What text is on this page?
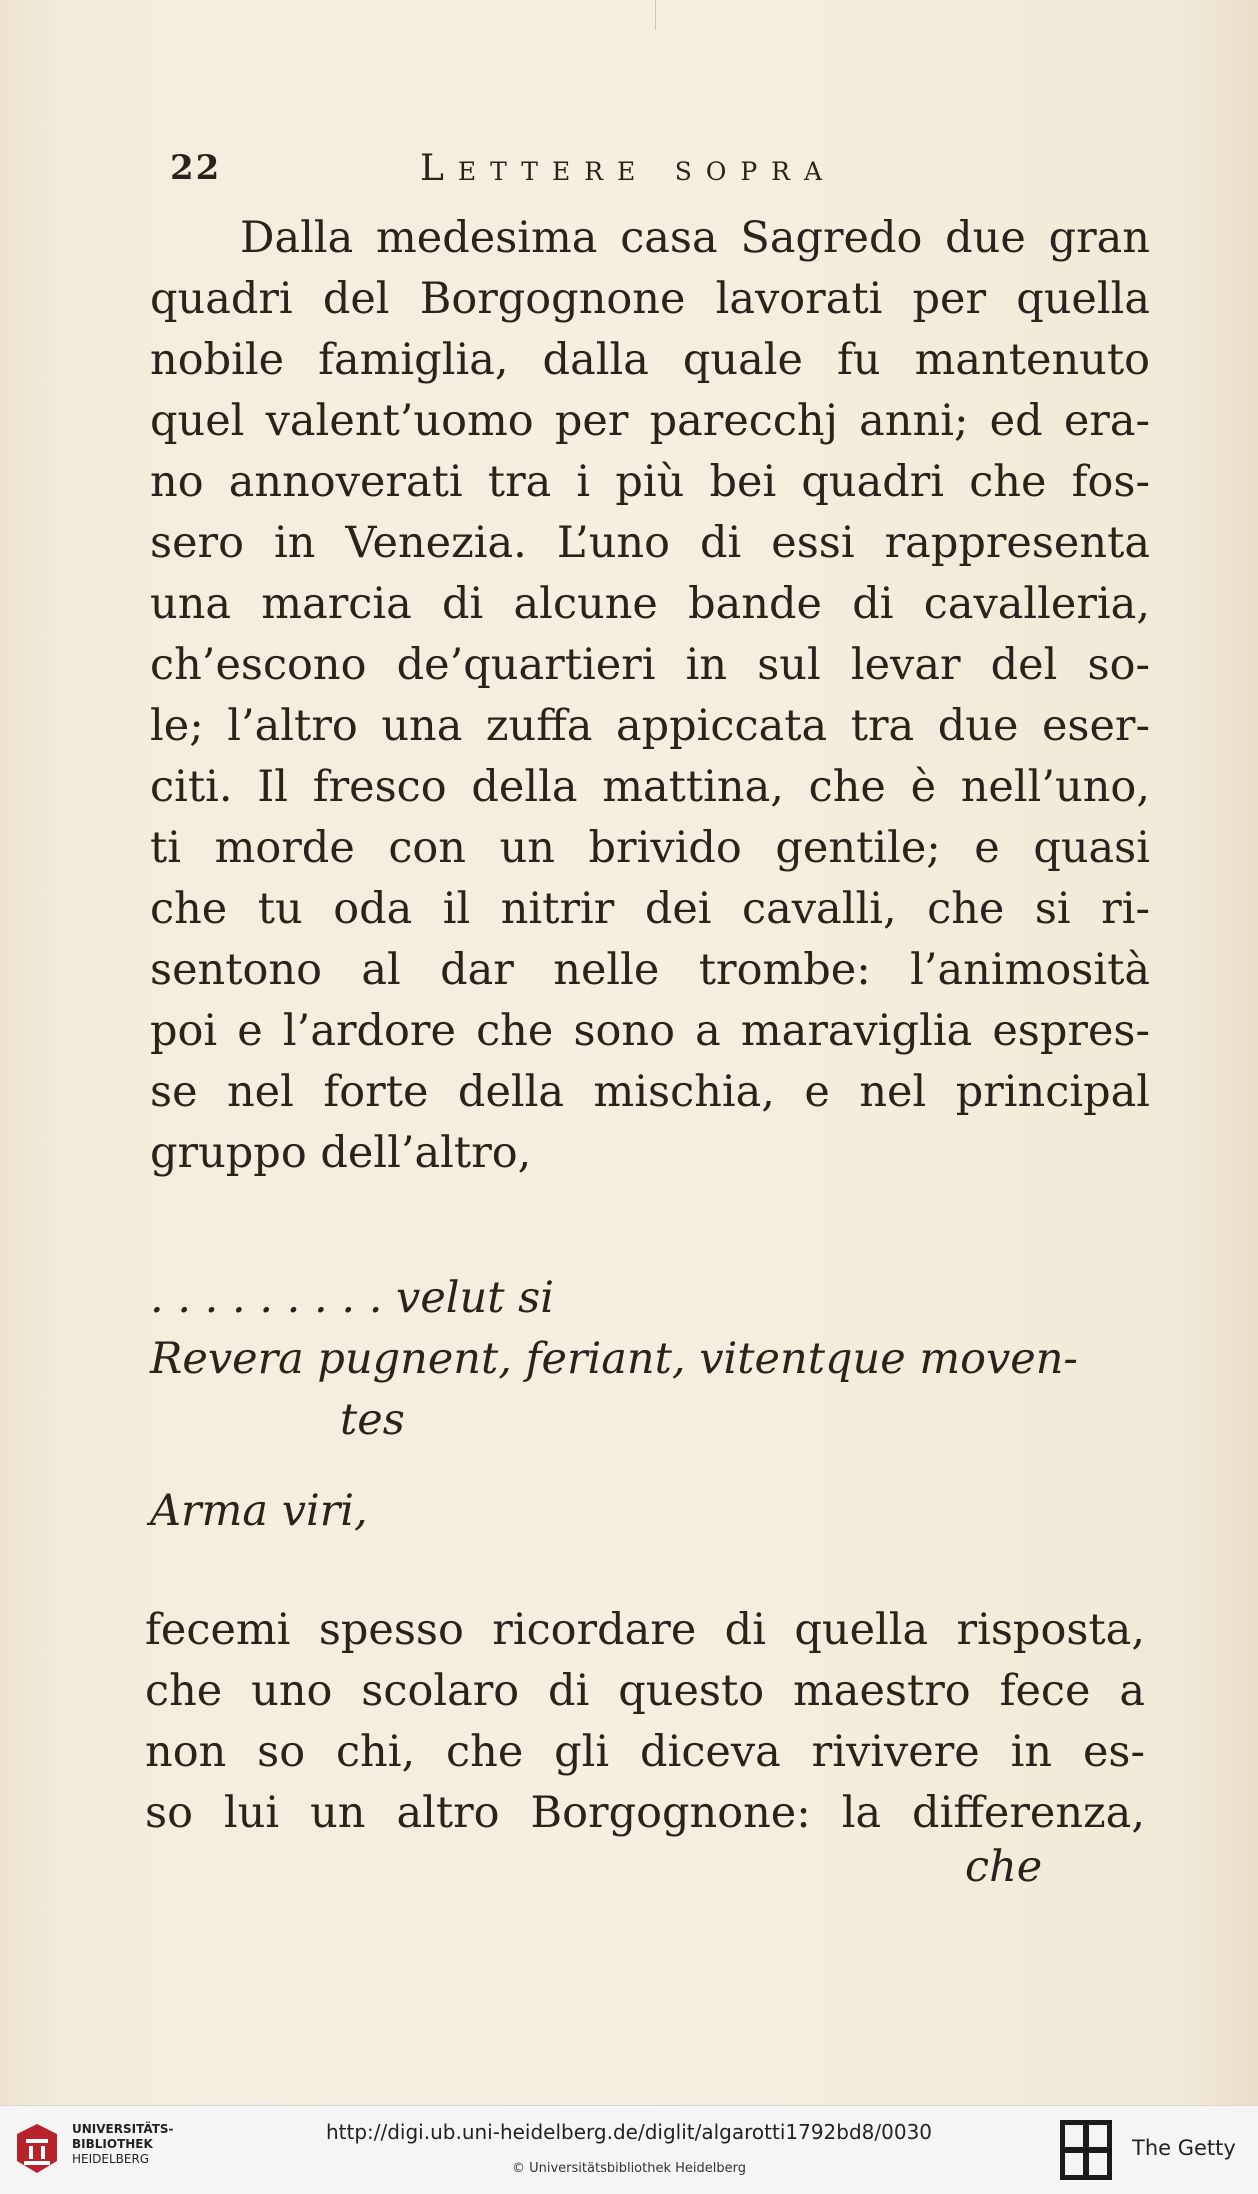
22	Lettere sopra
Dalla medesima casa Sagredo due gran
quadri del Borgognone lavorati per quella
nobile famiglia, dalla quale fu mantenuto
quel valent’uomo per parecchj anni; ed era-
no annoverati tra i più bei quadri che fos-
sero in Venezia. L’uno di essi rappresenta
una marcia di alcune bande di cavalleria,
ch’escono de’quartieri in sul levar del so-
le; l’altro una zuffa appiccata tra due eser-
citi. Il fresco della mattina, che è nell’uno,
ti morde con un brivido gentile; e quasi
che tu oda il nitrir dei cavalli, che si ri-
sentono al dar nelle trombe: l’animosità
poi e l’ardore che sono a maraviglia espres-
se nel forte della mischia, e nel principal
gruppo dell’altro,
. . . . . . . . . velut si
Revera pugnent, feriant, vitentque moven-
tes
Arma viri,
fecemi spesso ricordare di quella risposta,
che uno scolaro di questo maestro fece a
non so chi, che gli diceva rivivere in es-
so lui un altro Borgognone: la differenza,
che
UNIVERSITÄTS-
BIBLIOTHEK
HEIDELBERG
http://digi.ub.uni-heidelberg.de/diglit/algarotti1792bd8/0030
© Universitätsbibliothek Heidelberg
The Getty
